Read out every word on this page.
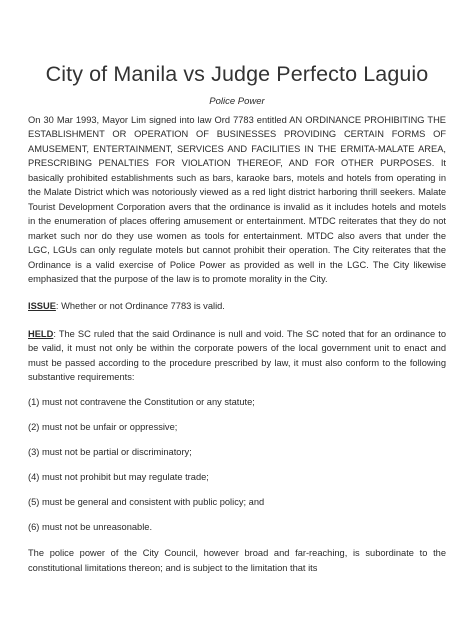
City of Manila vs Judge Perfecto Laguio
Police Power

On 30 Mar 1993, Mayor Lim signed into law Ord 7783 entitled AN ORDINANCE PROHIBITING THE ESTABLISHMENT OR OPERATION OF BUSINESSES PROVIDING CERTAIN FORMS OF AMUSEMENT, ENTERTAINMENT, SERVICES AND FACILITIES IN THE ERMITA-MALATE AREA, PRESCRIBING PENALTIES FOR VIOLATION THEREOF, AND FOR OTHER PURPOSES. It basically prohibited establishments such as bars, karaoke bars, motels and hotels from operating in the Malate District which was notoriously viewed as a red light district harboring thrill seekers. Malate Tourist Development Corporation avers that the ordinance is invalid as it includes hotels and motels in the enumeration of places offering amusement or entertainment. MTDC reiterates that they do not market such nor do they use women as tools for entertainment. MTDC also avers that under the LGC, LGUs can only regulate motels but cannot prohibit their operation. The City reiterates that the Ordinance is a valid exercise of Police Power as provided as well in the LGC. The City likewise emphasized that the purpose of the law is to promote morality in the City.

ISSUE: Whether or not Ordinance 7783 is valid.

HELD: The SC ruled that the said Ordinance is null and void. The SC noted that for an ordinance to be valid, it must not only be within the corporate powers of the local government unit to enact and must be passed according to the procedure prescribed by law, it must also conform to the following substantive requirements:

(1) must not contravene the Constitution or any statute;

(2) must not be unfair or oppressive;

(3) must not be partial or discriminatory;

(4) must not prohibit but may regulate trade;

(5) must be general and consistent with public policy; and

(6) must not be unreasonable.

The police power of the City Council, however broad and far-reaching, is subordinate to the constitutional limitations thereon; and is subject to the limitation that its
